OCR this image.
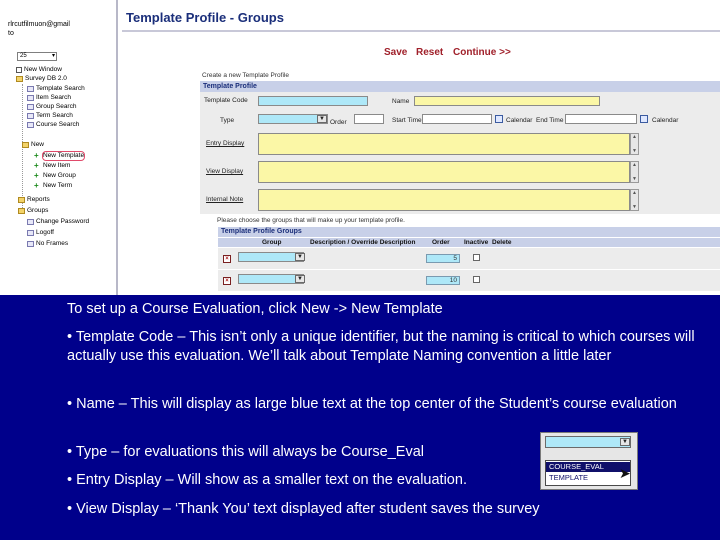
rlrcutfilmuon@gmail
to
25 ▾
New Window
Survey DB 2.0
Template Search
Item Search
Group Search
Term Search
Course Search
New
+ New Template
+ New Item
+ New Group
+ New Term
Reports
Groups
Change Password
Logoff
No Frames
Template Profile - Groups
Save Reset Continue >>
Create a new Template Profile
Template Profile
Template Code	Name
Type	▼ Order	Start Time	Calendar End Time	Calendar
Entry Display
▲ ▼
View Display
▲ ▼
Internal Note
▲ ▼
Please choose the groups that will make up your template profile.
Template Profile Groups
Group	Description / Override Description	Order Inactive Delete
×	▼	5
×	▼	10
To set up a Course Evaluation, click New -> New Template
• Template Code – This isn’t only a unique identifier, but the naming is critical to which courses will actually use this evaluation. We’ll talk about Template Naming convention a little later
• Name – This will display as large blue text at the top center of the Student’s course evaluation
• Type – for evaluations this will always be Course_Eval
• Entry Display – Will show as a smaller text on the evaluation.
• View Display – ‘Thank You’ text displayed after student saves the survey
▼
COURSE_EVAL
TEMPLATE	➤
